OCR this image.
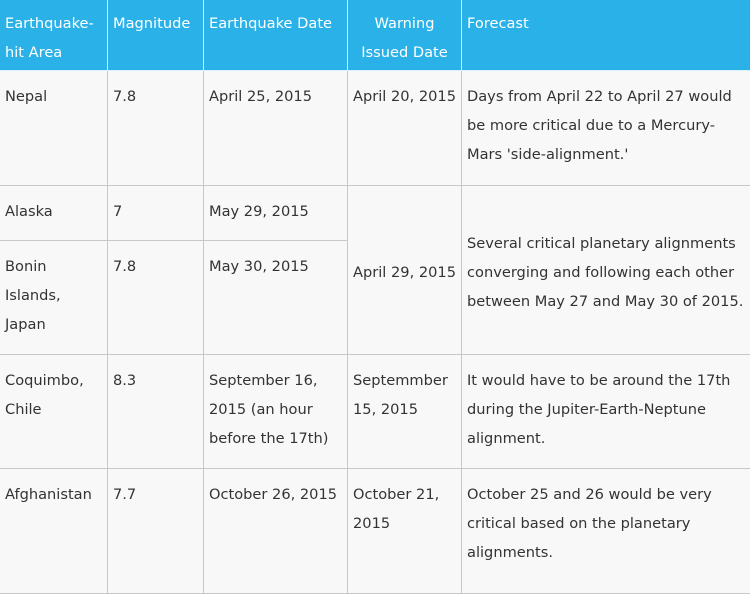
Earthquake-hit Area	Magnitude	Earthquake Date	Warning Issued Date	Forecast
Nepal	7.8	April 25, 2015	April 20, 2015	Days from April 22 to April 27 would be more critical due to a Mercury-Mars 'side-alignment.'
Alaska	7	May 29, 2015	April 29, 2015	Several critical planetary alignments converging and following each other between May 27 and May 30 of 2015.
Bonin Islands, Japan	7.8	May 30, 2015		
Coquimbo, Chile	8.3	September 16, 2015 (an hour before the 17th)	Septemmber 15, 2015	It would have to be around the 17th during the Jupiter-Earth-Neptune alignment.
Afghanistan	7.7	October 26, 2015	October 21, 2015	October 25 and 26 would be very critical based on the planetary alignments.
